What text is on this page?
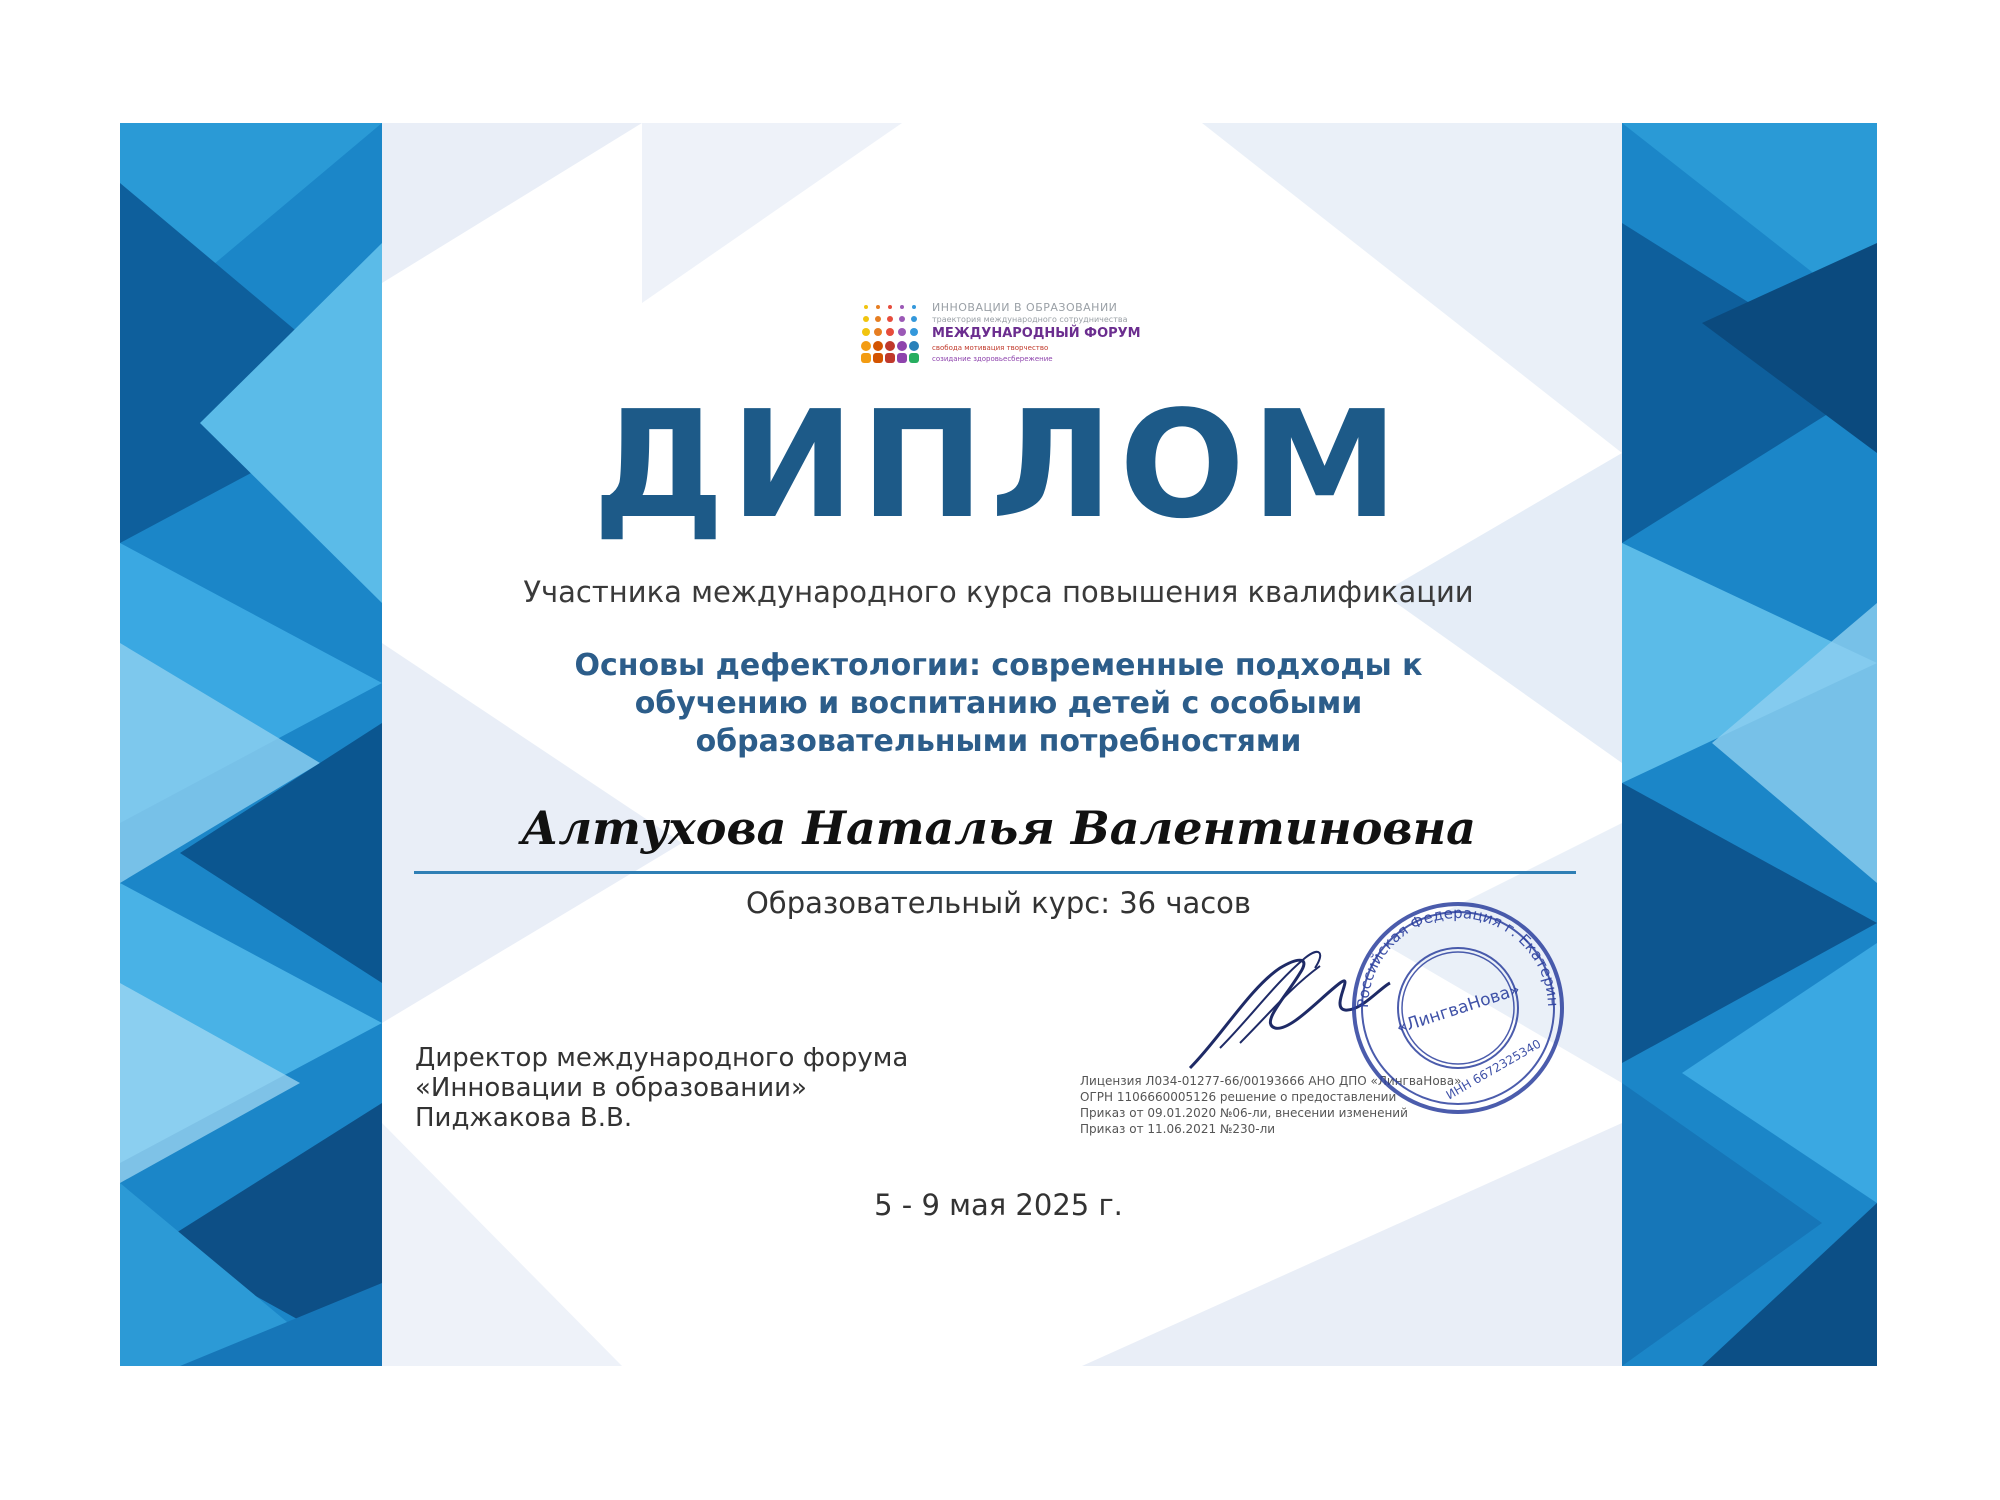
ИННОВАЦИИ В ОБРАЗОВАНИИ
траектория международного сотрудничества
МЕЖДУНАРОДНЫЙ ФОРУМ
свобода мотивация творчество
созидание здоровьесбережение
ДИПЛОМ
Участника международного курса повышения квалификации
Основы дефектологии: современные подходы к обучению и воспитанию детей с особыми образовательными потребностями
Алтухова Наталья Валентиновна
Образовательный курс: 36 часов
Директор международного форума
«Инновации в образовании»
Пиджакова В.В.
Лицензия Л034-01277-66/00193666 АНО ДПО «ЛингваНова»
ОГРН 1106660005126 решение о предоставлении
Приказ от 09.01.2020 №06-ли, внесении изменений
Приказ от 11.06.2021 №230-ли
Российская Федерация г. Екатерин
«ЛингваНова»
ИНН 6672325340
5 - 9 мая 2025 г.
